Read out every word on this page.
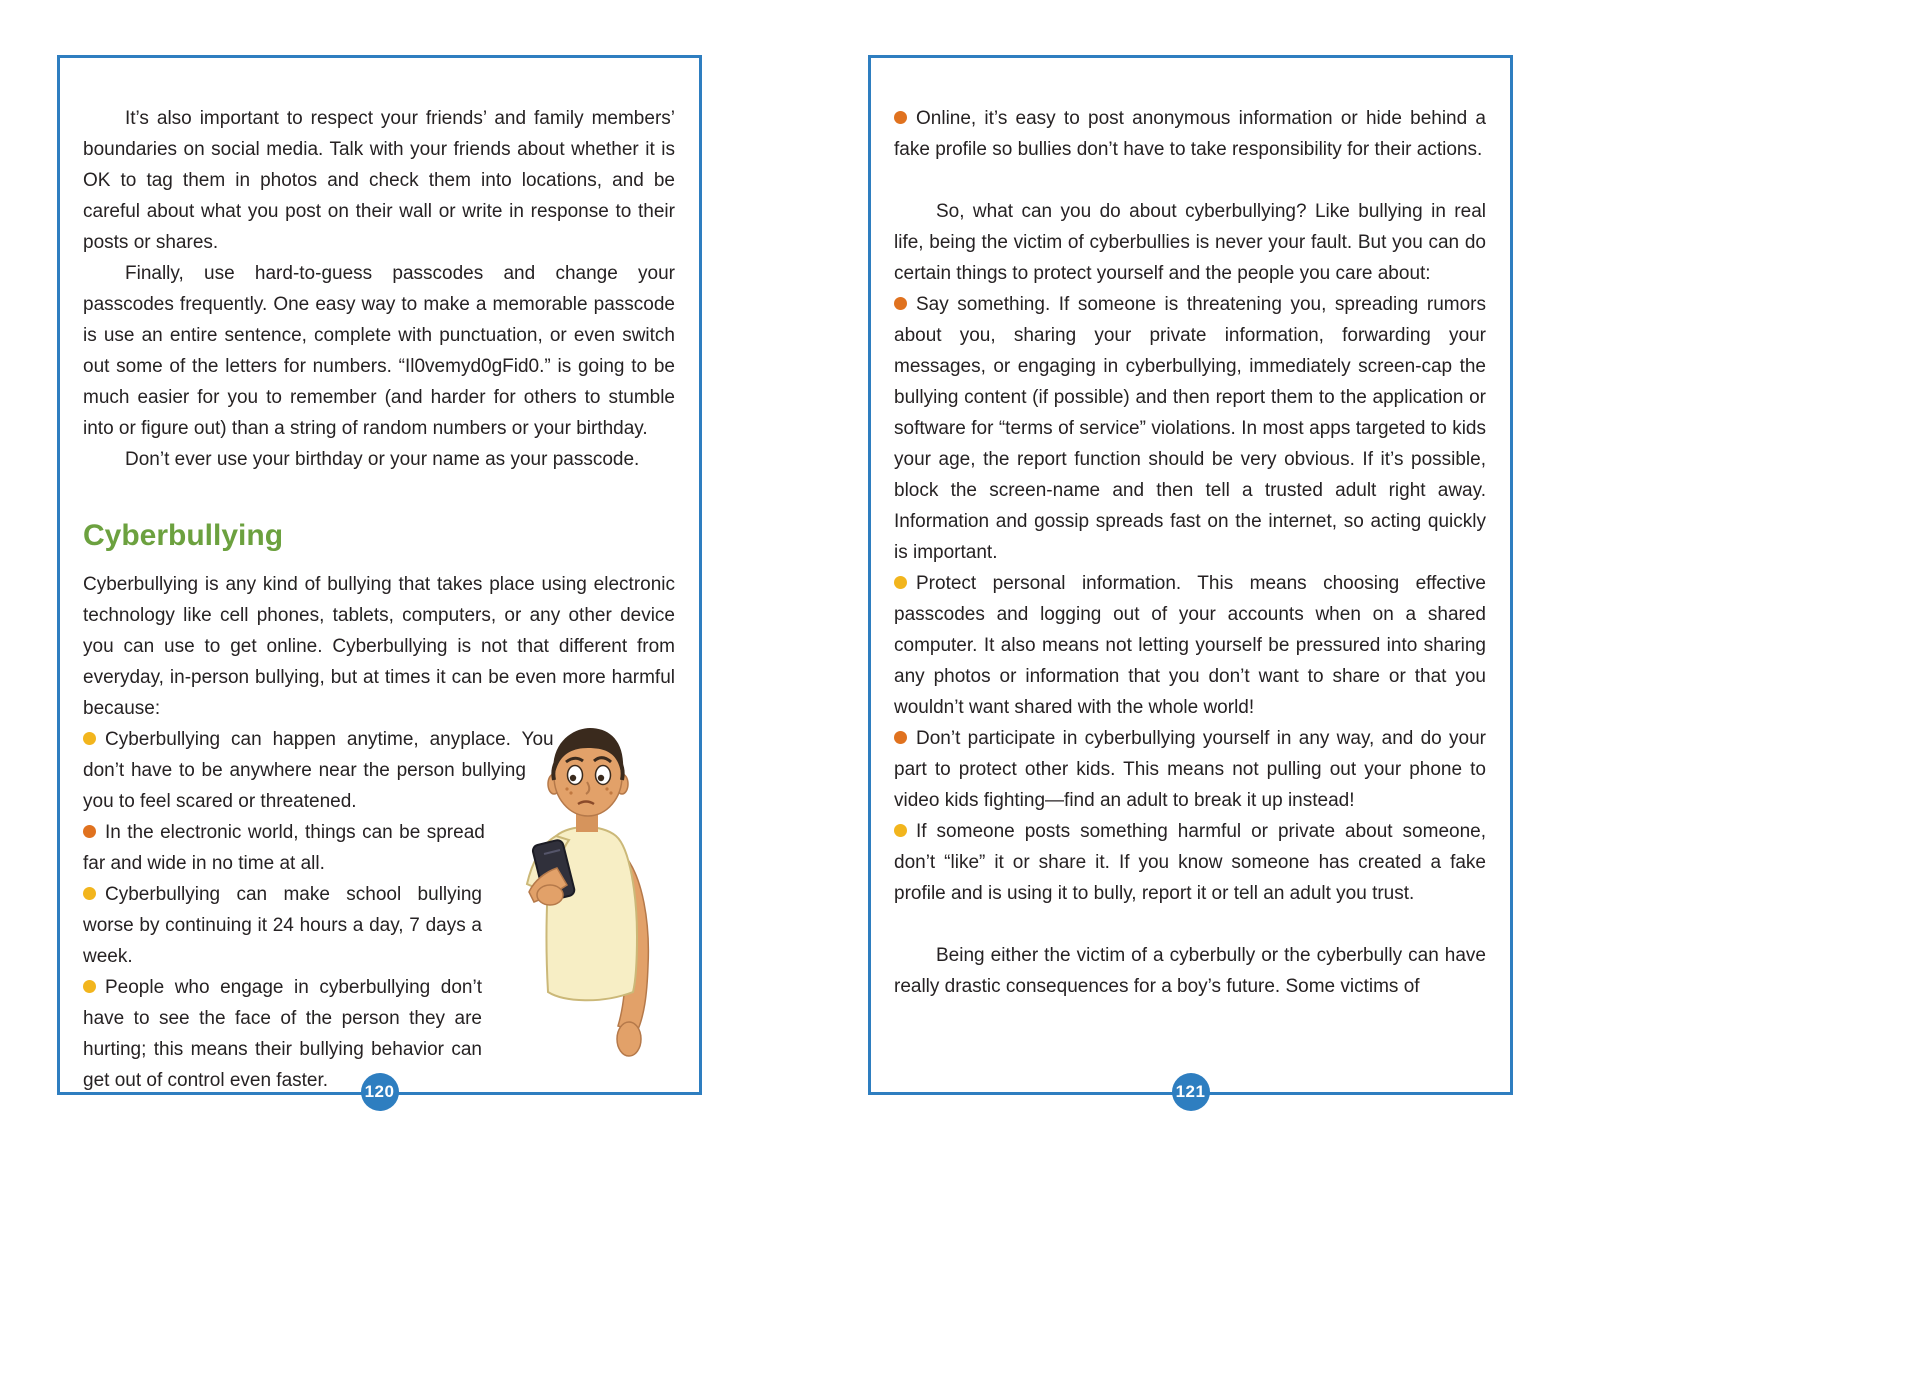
It’s also important to respect your friends’ and family members’ boundaries on social media. Talk with your friends about whether it is OK to tag them in photos and check them into locations, and be careful about what you post on their wall or write in response to their posts or shares.

Finally, use hard-to-guess passcodes and change your passcodes frequently. One easy way to make a memorable passcode is use an entire sentence, complete with punctuation, or even switch out some of the letters for numbers. “Il0vemyd0gFid0.” is going to be much easier for you to remember (and harder for others to stumble into or figure out) than a string of random numbers or your birthday.

Don’t ever use your birthday or your name as your passcode.

Cyberbullying

Cyberbullying is any kind of bullying that takes place using electronic technology like cell phones, tablets, computers, or any other device you can use to get online. Cyberbullying is not that different from everyday, in-person bullying, but at times it can be even more harmful because:

Cyberbullying can happen anytime, anyplace. You don’t have to be anywhere near the person bullying you to feel scared or threatened.

In the electronic world, things can be spread far and wide in no time at all.

Cyberbullying can make school bullying worse by continuing it 24 hours a day, 7 days a week.

People who engage in cyberbullying don’t have to see the face of the person they are hurting; this means their bullying behavior can get out of control even faster.

120

Online, it’s easy to post anonymous information or hide behind a fake profile so bullies don’t have to take responsibility for their actions.

So, what can you do about cyberbullying? Like bullying in real life, being the victim of cyberbullies is never your fault. But you can do certain things to protect yourself and the people you care about:

Say something. If someone is threatening you, spreading rumors about you, sharing your private information, forwarding your messages, or engaging in cyberbullying, immediately screen-cap the bullying content (if possible) and then report them to the application or software for “terms of service” violations. In most apps targeted to kids your age, the report function should be very obvious. If it’s possible, block the screen-name and then tell a trusted adult right away. Information and gossip spreads fast on the internet, so acting quickly is important.

Protect personal information. This means choosing effective passcodes and logging out of your accounts when on a shared computer. It also means not letting yourself be pressured into sharing any photos or information that you don’t want to share or that you wouldn’t want shared with the whole world!

Don’t participate in cyberbullying yourself in any way, and do your part to protect other kids. This means not pulling out your phone to video kids fighting—find an adult to break it up instead!

If someone posts something harmful or private about someone, don’t “like” it or share it. If you know someone has created a fake profile and is using it to bully, report it or tell an adult you trust.

Being either the victim of a cyberbully or the cyberbully can have really drastic consequences for a boy’s future. Some victims of

121
